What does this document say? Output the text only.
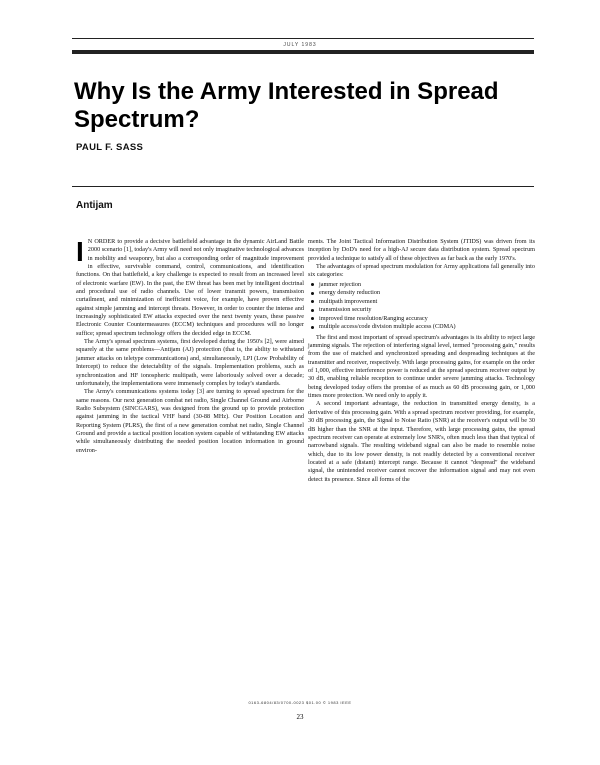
JULY 1983
Why Is the Army Interested in Spread Spectrum?
PAUL F. SASS
Antijam

I N ORDER to provide a decisive battlefield advantage in the dynamic AirLand Battle 2000 scenario [1], today's Army will need not only imaginative technological advances in mobility and weaponry, but also a corresponding order of magnitude improvement in effective, survivable command, control, communications, and identification functions. On that battlefield, a key challenge is expected to result from an increased level of electronic warfare (EW). In the past, the EW threat has been met by intelligent doctrinal and procedural use of radio channels. Use of lower transmit powers, transmission curtailment, and minimization of inefficient voice, for example, have proven effective against simple jamming and intercept threats. However, in order to counter the intense and increasingly sophisticated EW attacks expected over the next twenty years, these passive Electronic Counter Countermeasures (ECCM) techniques and procedures will no longer suffice; spread spectrum technology offers the decided edge in ECCM.

The Army's spread spectrum systems, first developed during the 1950's [2], were aimed squarely at the same problems—Antijam (AJ) protection (that is, the ability to withstand jammer attacks on teletype communications) and, simultaneously, LPI (Low Probability of Intercept) to reduce the detectability of the signals. Implementation problems, such as synchronization and HF ionospheric multipath, were laboriously solved over a decade; unfortunately, the implementations were immensely complex by today's standards.

The Army's communications systems today [3] are turning to spread spectrum for the same reasons. Our next generation combat net radio, Single Channel Ground and Airborne Radio Subsystem (SINCGARS), was designed from the ground up to provide protection against jamming in the tactical VHF band (30-88 MHz). Our Position Location and Reporting System (PLRS), the first of a new generation combat net radio, Single Channel Ground and provide a tactical position location system capable of withstanding EW attacks while simultaneously distributing the needed position location information in ground environ-

ments. The Joint Tactical Information Distribution System (JTIDS) was driven from its inception by DoD's need for a high-AJ secure data distribution system. Spread spectrum provided a technique to satisfy all of these objectives as far back as the early 1970's.

The advantages of spread spectrum modulation for Army applications fall generally into six categories:

jammer rejection
energy density reduction
multipath improvement
transmission security
improved time resolution/Ranging accuracy
multiple access/code division multiple access (CDMA)

The first and most important of spread spectrum's advantages is its ability to reject large jamming signals. The rejection of interfering signal level, termed "processing gain," results from the use of matched and synchronized spreading and despreading techniques at the transmitter and receiver, respectively. With large processing gains, for example on the order of 1,000, effective interference power is reduced at the spread spectrum receiver output by 30 dB, enabling reliable reception to continue under severe jamming attacks. Technology being developed today offers the promise of as much as 60 dB processing gain, or 1,000 times more protection. We need only to apply it.

A second important advantage, the reduction in transmitted energy density, is a derivative of this processing gain. With a spread spectrum receiver providing, for example, 30 dB processing gain, the Signal to Noise Ratio (SNR) at the receiver's output will be 30 dB higher than the SNR at the input. Therefore, with large processing gains, the spread spectrum receiver can operate at extremely low SNR's, often much less than that typical of narrowband signals. The resulting wideband signal can also be made to resemble noise which, due to its low power density, is not readily detected by a conventional receiver located at a safe (distant) intercept range. Because it cannot "despread" the wideband signal, the unintended receiver cannot recover the information signal and may not even detect its presence. Since all forms of the

0163-6804/83/0700-0023 $01.00 © 1983 IEEE
23
